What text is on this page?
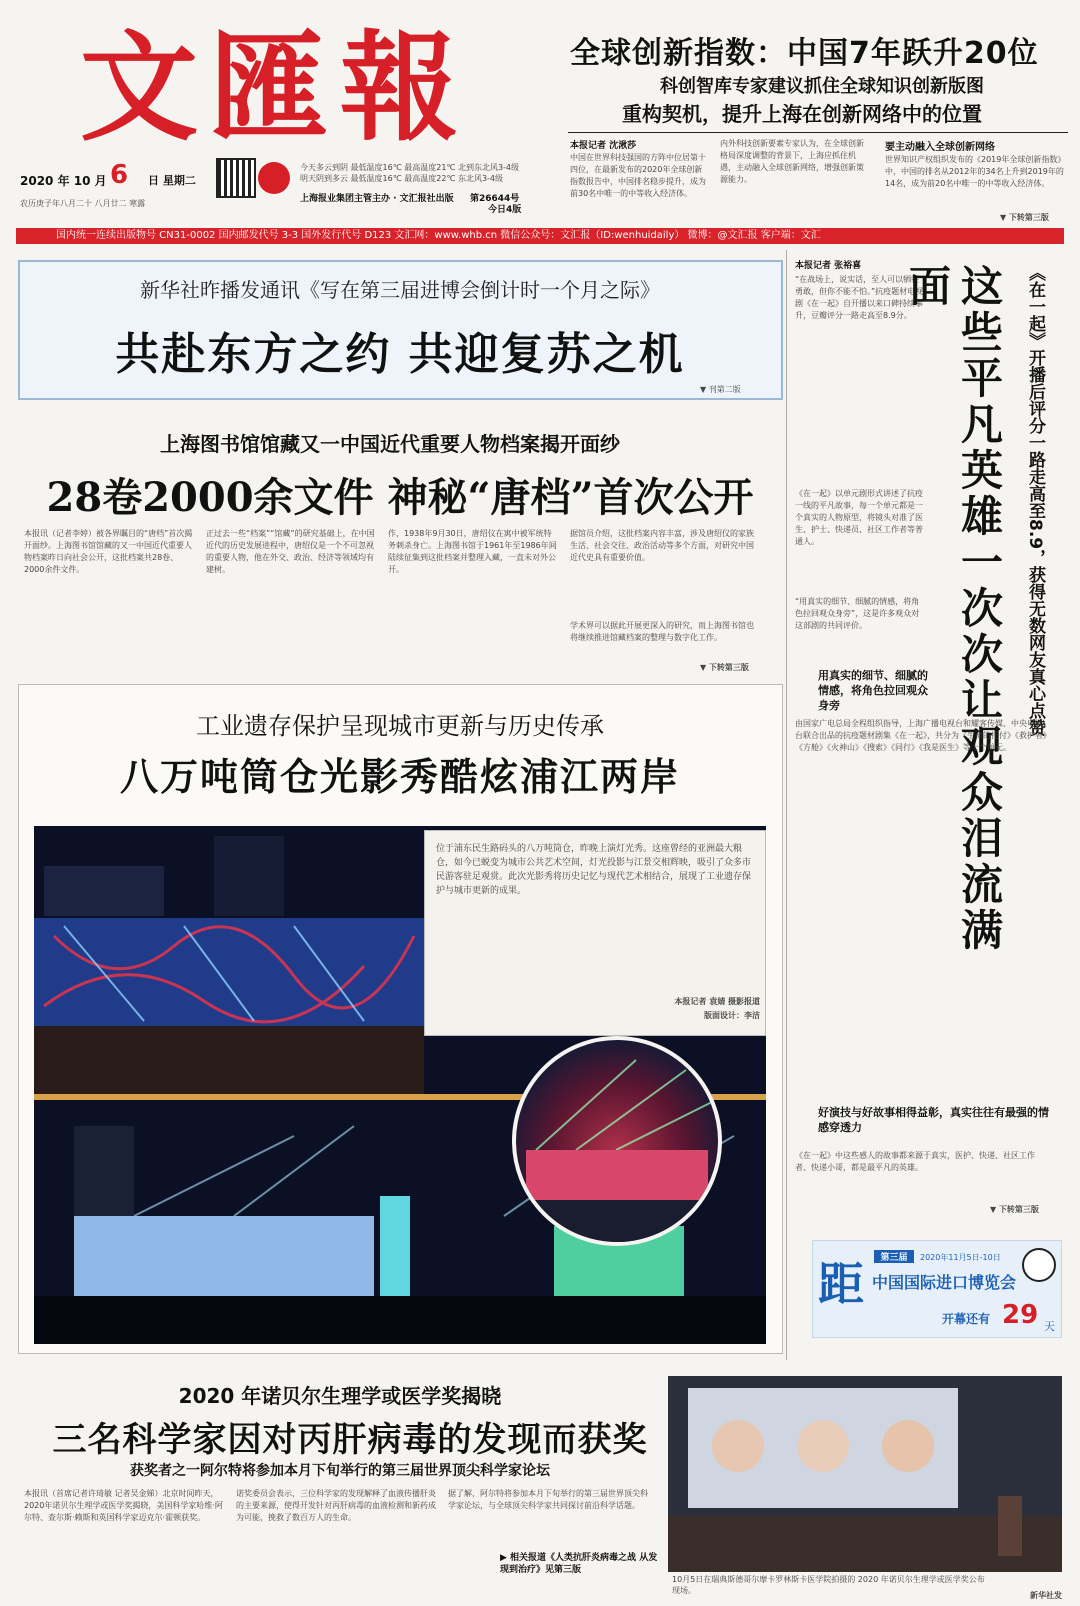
文匯報
2020 年 10 月 6	日 星期二
农历庚子年八月二十 八月廿二 寒露
今天多云到阴 最低温度16℃ 最高温度21℃ 北到东北风3-4级
明天阴到多云 最低温度16℃ 最高温度22℃ 东北风3-4级
上海报业集团主管主办 · 文汇报社出版	第26644号
今日4版
全球创新指数：中国7年跃升20位
科创智库专家建议抓住全球知识创新版图
重构契机，提升上海在创新网络中的位置
本报记者 沈湫莎
中国在世界科技强国的方阵中位居第十四位，在最新发布的2020年全球创新指数报告中，中国排名稳步提升，成为前30名中唯一的中等收入经济体。
内外科技创新要素专家认为，在全球创新格局深度调整的背景下，上海应抓住机遇，主动融入全球创新网络，增强创新策源能力。
要主动融入全球创新网络
世界知识产权组织发布的《2019年全球创新指数》中，中国的排名从2012年的34名上升到2019年的14名，成为前20名中唯一的中等收入经济体。
▼ 下转第三版
国内统一连续出版物号 CN31-0002 国内邮发代号 3-3 国外发行代号 D123 文汇网：www.whb.cn 微信公众号：文汇报（ID:wenhuidaily） 微博：@文汇报 客户端：文汇
新华社昨播发通讯《写在第三届进博会倒计时一个月之际》
共赴东方之约 共迎复苏之机
▼ 刊第二版
上海图书馆馆藏又一中国近代重要人物档案揭开面纱
28卷2000余文件 神秘“唐档”首次公开
本报讯（记者李婷）被各界瞩目的“唐档”首次揭开面纱。上海图书馆馆藏的又一中国近代重要人物档案昨日向社会公开，这批档案共28卷、2000余件文件。
正过去一些“档案”“馆藏”的研究基础上，在中国近代的历史发展进程中，唐绍仪是一个不可忽视的重要人物，他在外交、政治、经济等领域均有建树。
作，1938年9月30日，唐绍仪在寓中被军统特务刺杀身亡。上海图书馆于1961年至1986年间陆续征集到这批档案并整理入藏，一直未对外公开。
据馆员介绍，这批档案内容丰富，涉及唐绍仪的家族生活、社会交往、政治活动等多个方面，对研究中国近代史具有重要价值。
学术界可以据此开展更深入的研究，而上海图书馆也将继续推进馆藏档案的整理与数字化工作。
▼ 下转第三版
本报记者 张裕喜
“在战场上，说实话，至人可以牺牲勇敢，但你不能不怕。”抗疫题材电视剧《在一起》自开播以来口碑持续攀升，豆瓣评分一路走高至8.9分。
《在一起》以单元剧形式讲述了抗疫一线的平凡故事，每一个单元都是一个真实的人物原型，将镜头对准了医生、护士、快递员、社区工作者等普通人。
“用真实的细节、细腻的情感，将角色拉回观众身旁”，这是许多观众对这部剧的共同评价。	《在一起》开播后评分一路走高至8.9，获得无数网友真心点赞
这些平凡英雄一次次让观众泪流满面
用真实的细节、细腻的情感，将角色拉回观众身旁
由国家广电总局全程组织指导，上海广播电视台和耀客传媒、中央电视台联合出品的抗疫题材剧集《在一起》，共分为《生命的托付》《救护者》《方舱》《火神山》《搜索》《同行》《我是医生》等十个单元。
好演技与好故事相得益彰，真实往往有最强的情感穿透力
《在一起》中这些感人的故事都来源于真实，医护、快递、社区工作者、快递小哥，都是最平凡的英雄。
▼ 下转第三版
工业遗存保护呈现城市更新与历史传承
八万吨筒仓光影秀酷炫浦江两岸
位于浦东民生路码头的八万吨筒仓，昨晚上演灯光秀。这座曾经的亚洲最大粮仓，如今已蜕变为城市公共艺术空间，灯光投影与江景交相辉映，吸引了众多市民游客驻足观赏。此次光影秀将历史记忆与现代艺术相结合，展现了工业遗存保护与城市更新的成果。
本报记者 袁婧 摄影报道
版面设计：李洁
距	第三届	2020年11月5日-10日
中国国际进口博览会
开幕还有 29 天
2020 年诺贝尔生理学或医学奖揭晓
三名科学家因对丙肝病毒的发现而获奖
获奖者之一阿尔特将参加本月下旬举行的第三届世界顶尖科学家论坛
本报讯（首席记者许琦敏 记者吴金娣）北京时间昨天，2020年诺贝尔生理学或医学奖揭晓，美国科学家哈维·阿尔特、查尔斯·赖斯和英国科学家迈克尔·霍顿获奖。
诺奖委员会表示，三位科学家的发现解释了血液传播肝炎的主要来源，使得开发针对丙肝病毒的血液检测和新药成为可能，挽救了数百万人的生命。
据了解，阿尔特将参加本月下旬举行的第三届世界顶尖科学家论坛，与全球顶尖科学家共同探讨前沿科学话题。
▶ 相关报道《人类抗肝炎病毒之战 从发现到治疗》见第三版
10月5日在瑞典斯德哥尔摩卡罗林斯卡医学院拍摄的 2020 年诺贝尔生理学或医学奖公布现场。
新华社发
